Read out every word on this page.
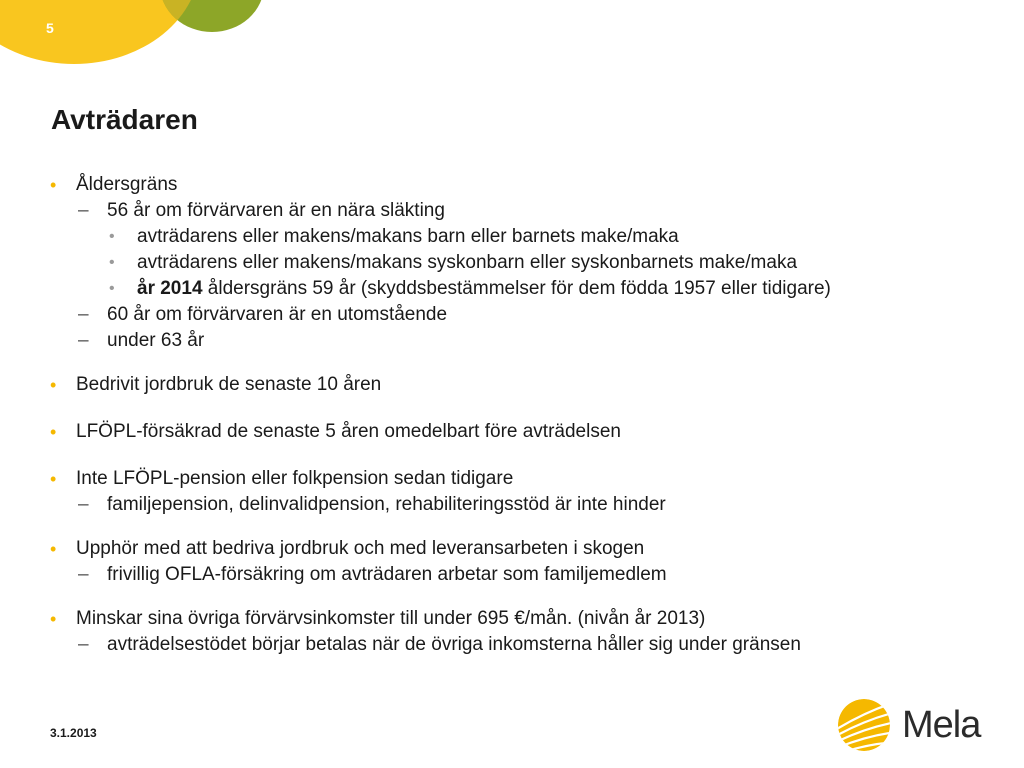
5
Avträdaren
• Åldersgräns
– 56 år om förvärvaren är en nära släkting
• avträdarens eller makens/makans barn eller barnets make/maka
• avträdarens eller makens/makans syskonbarn eller syskonbarnets make/maka
• år 2014 åldersgräns 59 år (skyddsbestämmelser för dem födda 1957 eller tidigare)
– 60 år om förvärvaren är en utomstående
– under 63 år
• Bedrivit jordbruk de senaste 10 åren
• LFÖPL-försäkrad de senaste 5 åren omedelbart före avträdelsen
• Inte LFÖPL-pension eller folkpension sedan tidigare
– familjepension, delinvalidpension, rehabiliteringsstöd är inte hinder
• Upphör med att bedriva jordbruk och med leveransarbeten i skogen
– frivillig OFLA-försäkring om avträdaren arbetar som familjemedlem
• Minskar sina övriga förvärvsinkomster till under 695 €/mån. (nivån år 2013)
– avträdelsestödet börjar betalas när de övriga inkomsterna håller sig under gränsen
3.1.2013	Mela
